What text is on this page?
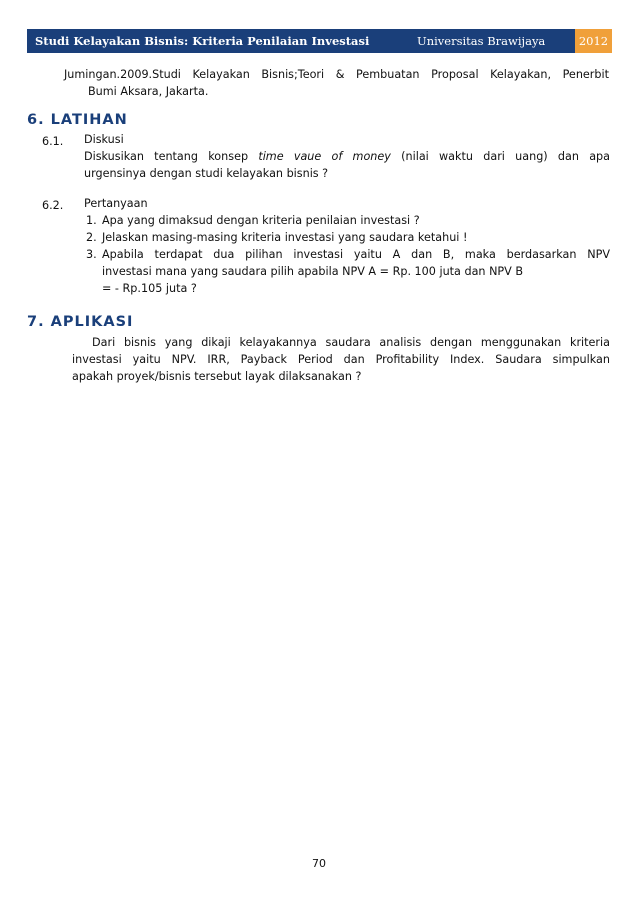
Studi Kelayakan Bisnis: Kriteria Penilaian Investasi	Universitas Brawijaya	2012
Jumingan.2009.Studi Kelayakan Bisnis;Teori & Pembuatan Proposal Kelayakan, Penerbit
Bumi Aksara, Jakarta.
6. LATIHAN
6.1. Diskusi
Diskusikan tentang konsep time vaue of money (nilai waktu dari uang) dan apa
urgensinya dengan studi kelayakan bisnis ?
6.2. Pertanyaan
1. Apa yang dimaksud dengan kriteria penilaian investasi ?
2. Jelaskan masing-masing kriteria investasi yang saudara ketahui !
3. Apabila terdapat dua pilihan investasi yaitu A dan B, maka berdasarkan NPV
investasi mana yang saudara pilih apabila NPV A = Rp. 100 juta dan NPV B
= - Rp.105 juta ?
7. APLIKASI
Dari bisnis yang dikaji kelayakannya saudara analisis dengan menggunakan kriteria
investasi yaitu NPV. IRR, Payback Period dan Profitability Index. Saudara simpulkan
apakah proyek/bisnis tersebut layak dilaksanakan ?
70
